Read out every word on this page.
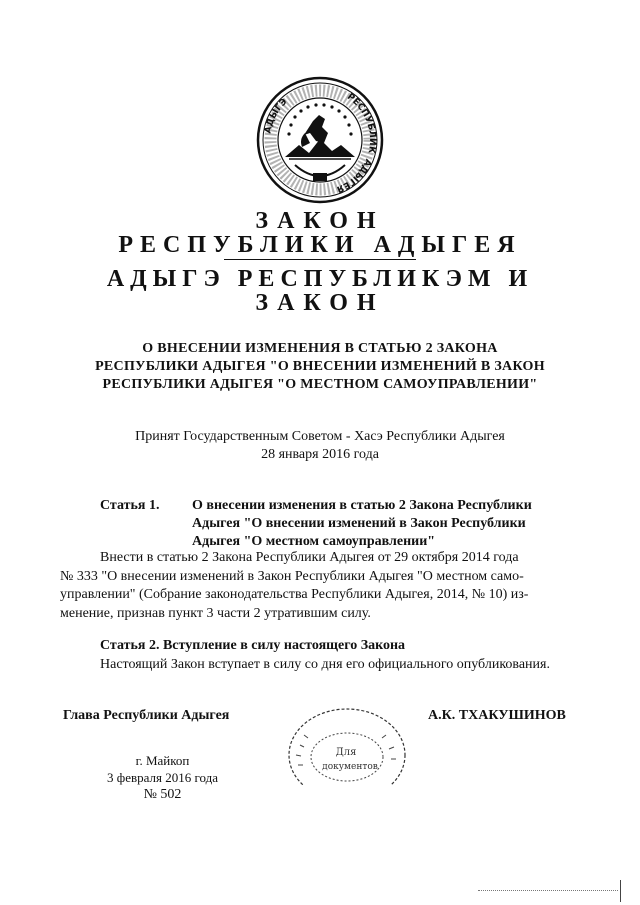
РЕСПУБЛИК
АДЫГЕЯ
АДЫГЭ
ЗАКОН
РЕСПУБЛИКИ АДЫГЕЯ
АДЫГЭ РЕСПУБЛИКЭМ И
ЗАКОН
О ВНЕСЕНИИ ИЗМЕНЕНИЯ В СТАТЬЮ 2 ЗАКОНА
РЕСПУБЛИКИ АДЫГЕЯ "О ВНЕСЕНИИ ИЗМЕНЕНИЙ В ЗАКОН
РЕСПУБЛИКИ АДЫГЕЯ "О МЕСТНОМ САМОУПРАВЛЕНИИ"
Принят Государственным Советом - Хасэ Республики Адыгея
28 января 2016 года
Статья 1. О внесении изменения в статью 2 Закона Республики
Адыгея "О внесении изменений в Закон Республики
Адыгея "О местном самоуправлении"
Внести в статью 2 Закона Республики Адыгея от 29 октября 2014 года
№ 333 "О внесении изменений в Закон Республики Адыгея "О местном само-
управлении" (Собрание законодательства Республики Адыгея, 2014, № 10) из-
менение, признав пункт 3 части 2 утратившим силу.
Статья 2. Вступление в силу настоящего Закона
Настоящий Закон вступает в силу со дня его официального опубликования.
Глава Республики Адыгея	А.К. ТХАКУШИНОВ
Для
документов
г. Майкоп
3 февраля 2016 года
№ 502
